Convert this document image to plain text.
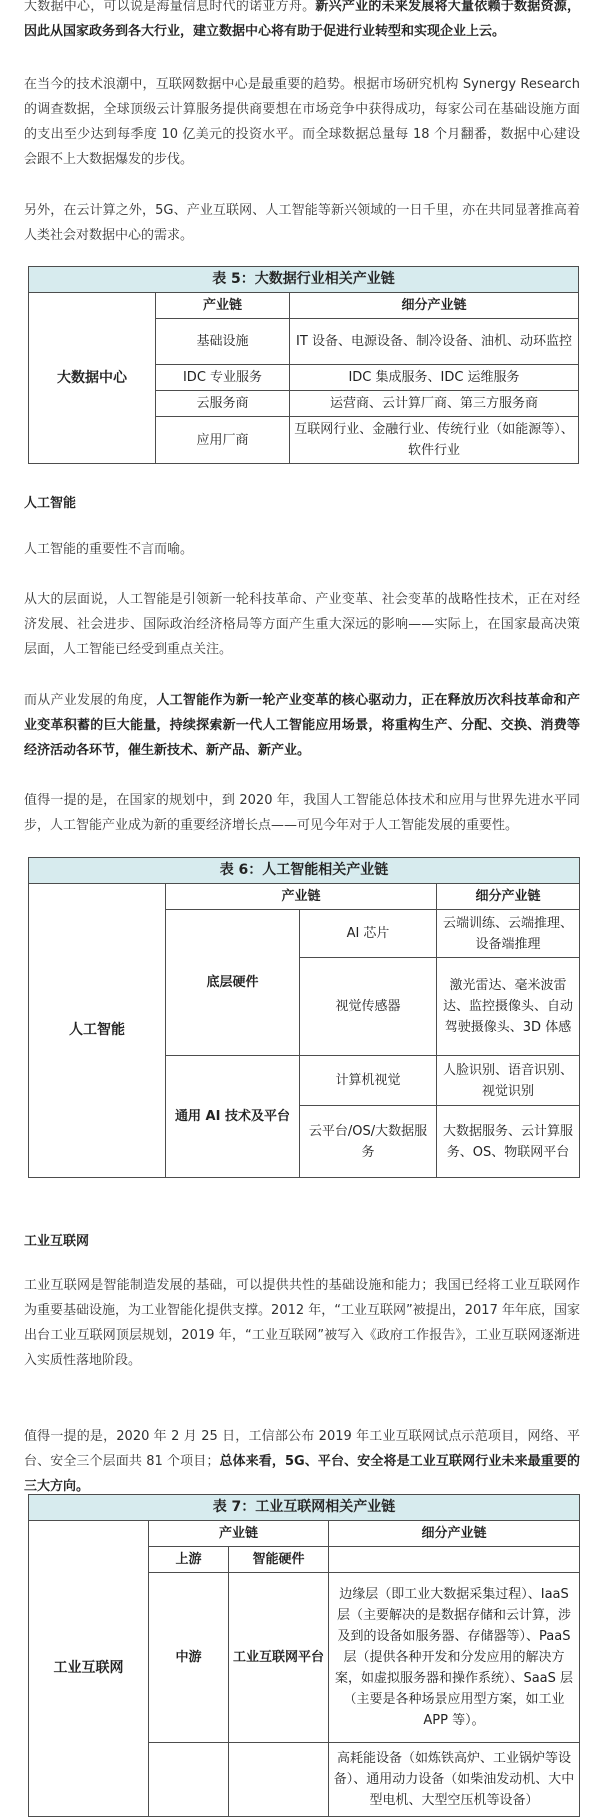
大数据中心，可以说是海量信息时代的诺亚方舟。新兴产业的未来发展将大量依赖于数据资源，因此从国家政务到各大行业，建立数据中心将有助于促进行业转型和实现企业上云。

在当今的技术浪潮中，互联网数据中心是最重要的趋势。根据市场研究机构 Synergy Research 的调查数据，全球顶级云计算服务提供商要想在市场竞争中获得成功，每家公司在基础设施方面的支出至少达到每季度 10 亿美元的投资水平。而全球数据总量每 18 个月翻番，数据中心建设会跟不上大数据爆发的步伐。

另外，在云计算之外，5G、产业互联网、人工智能等新兴领域的一日千里，亦在共同显著推高着人类社会对数据中心的需求。

表 5：大数据行业相关产业链		
大数据中心	产业链	细分产业链
	基础设施	IT 设备、电源设备、制冷设备、油机、动环监控
	IDC 专业服务	IDC 集成服务、IDC 运维服务
	云服务商	运营商、云计算厂商、第三方服务商
	应用厂商	互联网行业、金融行业、传统行业（如能源等）、软件行业
人工智能

人工智能的重要性不言而喻。

从大的层面说，人工智能是引领新一轮科技革命、产业变革、社会变革的战略性技术，正在对经济发展、社会进步、国际政治经济格局等方面产生重大深远的影响——实际上，在国家最高决策层面，人工智能已经受到重点关注。

而从产业发展的角度，人工智能作为新一轮产业变革的核心驱动力，正在释放历次科技革命和产业变革积蓄的巨大能量，持续探索新一代人工智能应用场景，将重构生产、分配、交换、消费等经济活动各环节，催生新技术、新产品、新产业。

值得一提的是，在国家的规划中，到 2020 年，我国人工智能总体技术和应用与世界先进水平同步，人工智能产业成为新的重要经济增长点——可见今年对于人工智能发展的重要性。

表 6：人工智能相关产业链			
人工智能	产业链		细分产业链
	底层硬件	AI 芯片	云端训练、云端推理、设备端推理
		视觉传感器	激光雷达、毫米波雷达、监控摄像头、自动驾驶摄像头、3D 体感
	通用 AI 技术及平台	计算机视觉	人脸识别、语音识别、视觉识别
		云平台/OS/大数据服务	大数据服务、云计算服务、OS、物联网平台
工业互联网

工业互联网是智能制造发展的基础，可以提供共性的基础设施和能力；我国已经将工业互联网作为重要基础设施，为工业智能化提供支撑。2012 年，“工业互联网”被提出，2017 年年底，国家出台工业互联网顶层规划，2019 年，“工业互联网”被写入《政府工作报告》，工业互联网逐渐进入实质性落地阶段。

值得一提的是，2020 年 2 月 25 日，工信部公布 2019 年工业互联网试点示范项目，网络、平台、安全三个层面共 81 个项目；总体来看，5G、平台、安全将是工业互联网行业未来最重要的三大方向。

表 7：工业互联网相关产业链			
工业互联网	产业链		细分产业链
	上游	智能硬件	
	中游	工业互联网平台	边缘层（即工业大数据采集过程）、IaaS 层（主要解决的是数据存储和云计算，涉及到的设备如服务器、存储器等）、PaaS 层（提供各种开发和分发应用的解决方案，如虚拟服务器和操作系统）、SaaS 层（主要是各种场景应用型方案，如工业 APP 等）。
			高耗能设备（如炼铁高炉、工业锅炉等设备）、通用动力设备（如柴油发动机、大中型电机、大型空压机等设备）
